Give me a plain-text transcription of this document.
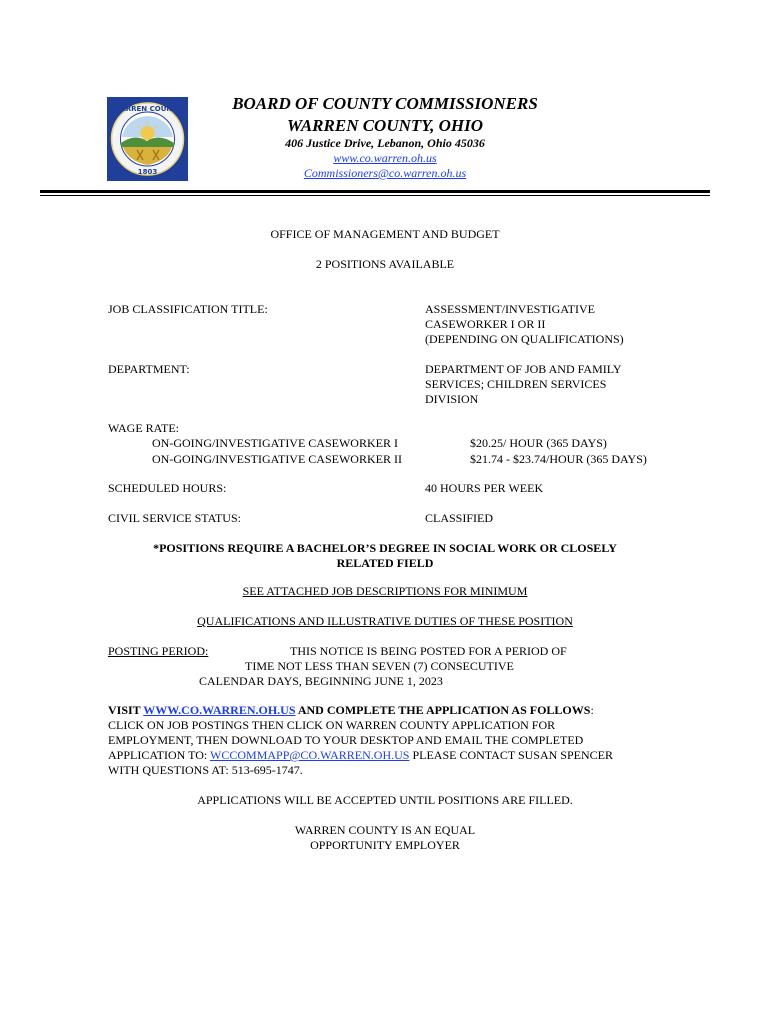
WARREN COUNTY
1803
BOARD OF COUNTY COMMISSIONERS
WARREN COUNTY, OHIO
406 Justice Drive, Lebanon, Ohio 45036
www.co.warren.oh.us
Commissioners@co.warren.oh.us
OFFICE OF MANAGEMENT AND BUDGET
2 POSITIONS AVAILABLE
JOB CLASSIFICATION TITLE:	ASSESSMENT/INVESTIGATIVE
CASEWORKER I OR II
(DEPENDING ON QUALIFICATIONS)
DEPARTMENT:	DEPARTMENT OF JOB AND FAMILY
SERVICES; CHILDREN SERVICES
DIVISION
WAGE RATE:
ON-GOING/INVESTIGATIVE CASEWORKER I	$20.25/ HOUR (365 DAYS)
ON-GOING/INVESTIGATIVE CASEWORKER II	$21.74 - $23.74/HOUR (365 DAYS)
SCHEDULED HOURS:	40 HOURS PER WEEK
CIVIL SERVICE STATUS:	CLASSIFIED
*POSITIONS REQUIRE A BACHELOR’S DEGREE IN SOCIAL WORK OR CLOSELY
RELATED FIELD
SEE ATTACHED JOB DESCRIPTIONS FOR MINIMUM
QUALIFICATIONS AND ILLUSTRATIVE DUTIES OF THESE POSITION
POSTING PERIOD:	THIS NOTICE IS BEING POSTED FOR A PERIOD OF
TIME NOT LESS THAN SEVEN (7) CONSECUTIVE
CALENDAR DAYS, BEGINNING JUNE 1, 2023
VISIT WWW.CO.WARREN.OH.US AND COMPLETE THE APPLICATION AS FOLLOWS:
CLICK ON JOB POSTINGS THEN CLICK ON WARREN COUNTY APPLICATION FOR
EMPLOYMENT, THEN DOWNLOAD TO YOUR DESKTOP AND EMAIL THE COMPLETED
APPLICATION TO: WCCOMMAPP@CO.WARREN.OH.US PLEASE CONTACT SUSAN SPENCER
WITH QUESTIONS AT: 513-695-1747.
APPLICATIONS WILL BE ACCEPTED UNTIL POSITIONS ARE FILLED.
WARREN COUNTY IS AN EQUAL
OPPORTUNITY EMPLOYER
